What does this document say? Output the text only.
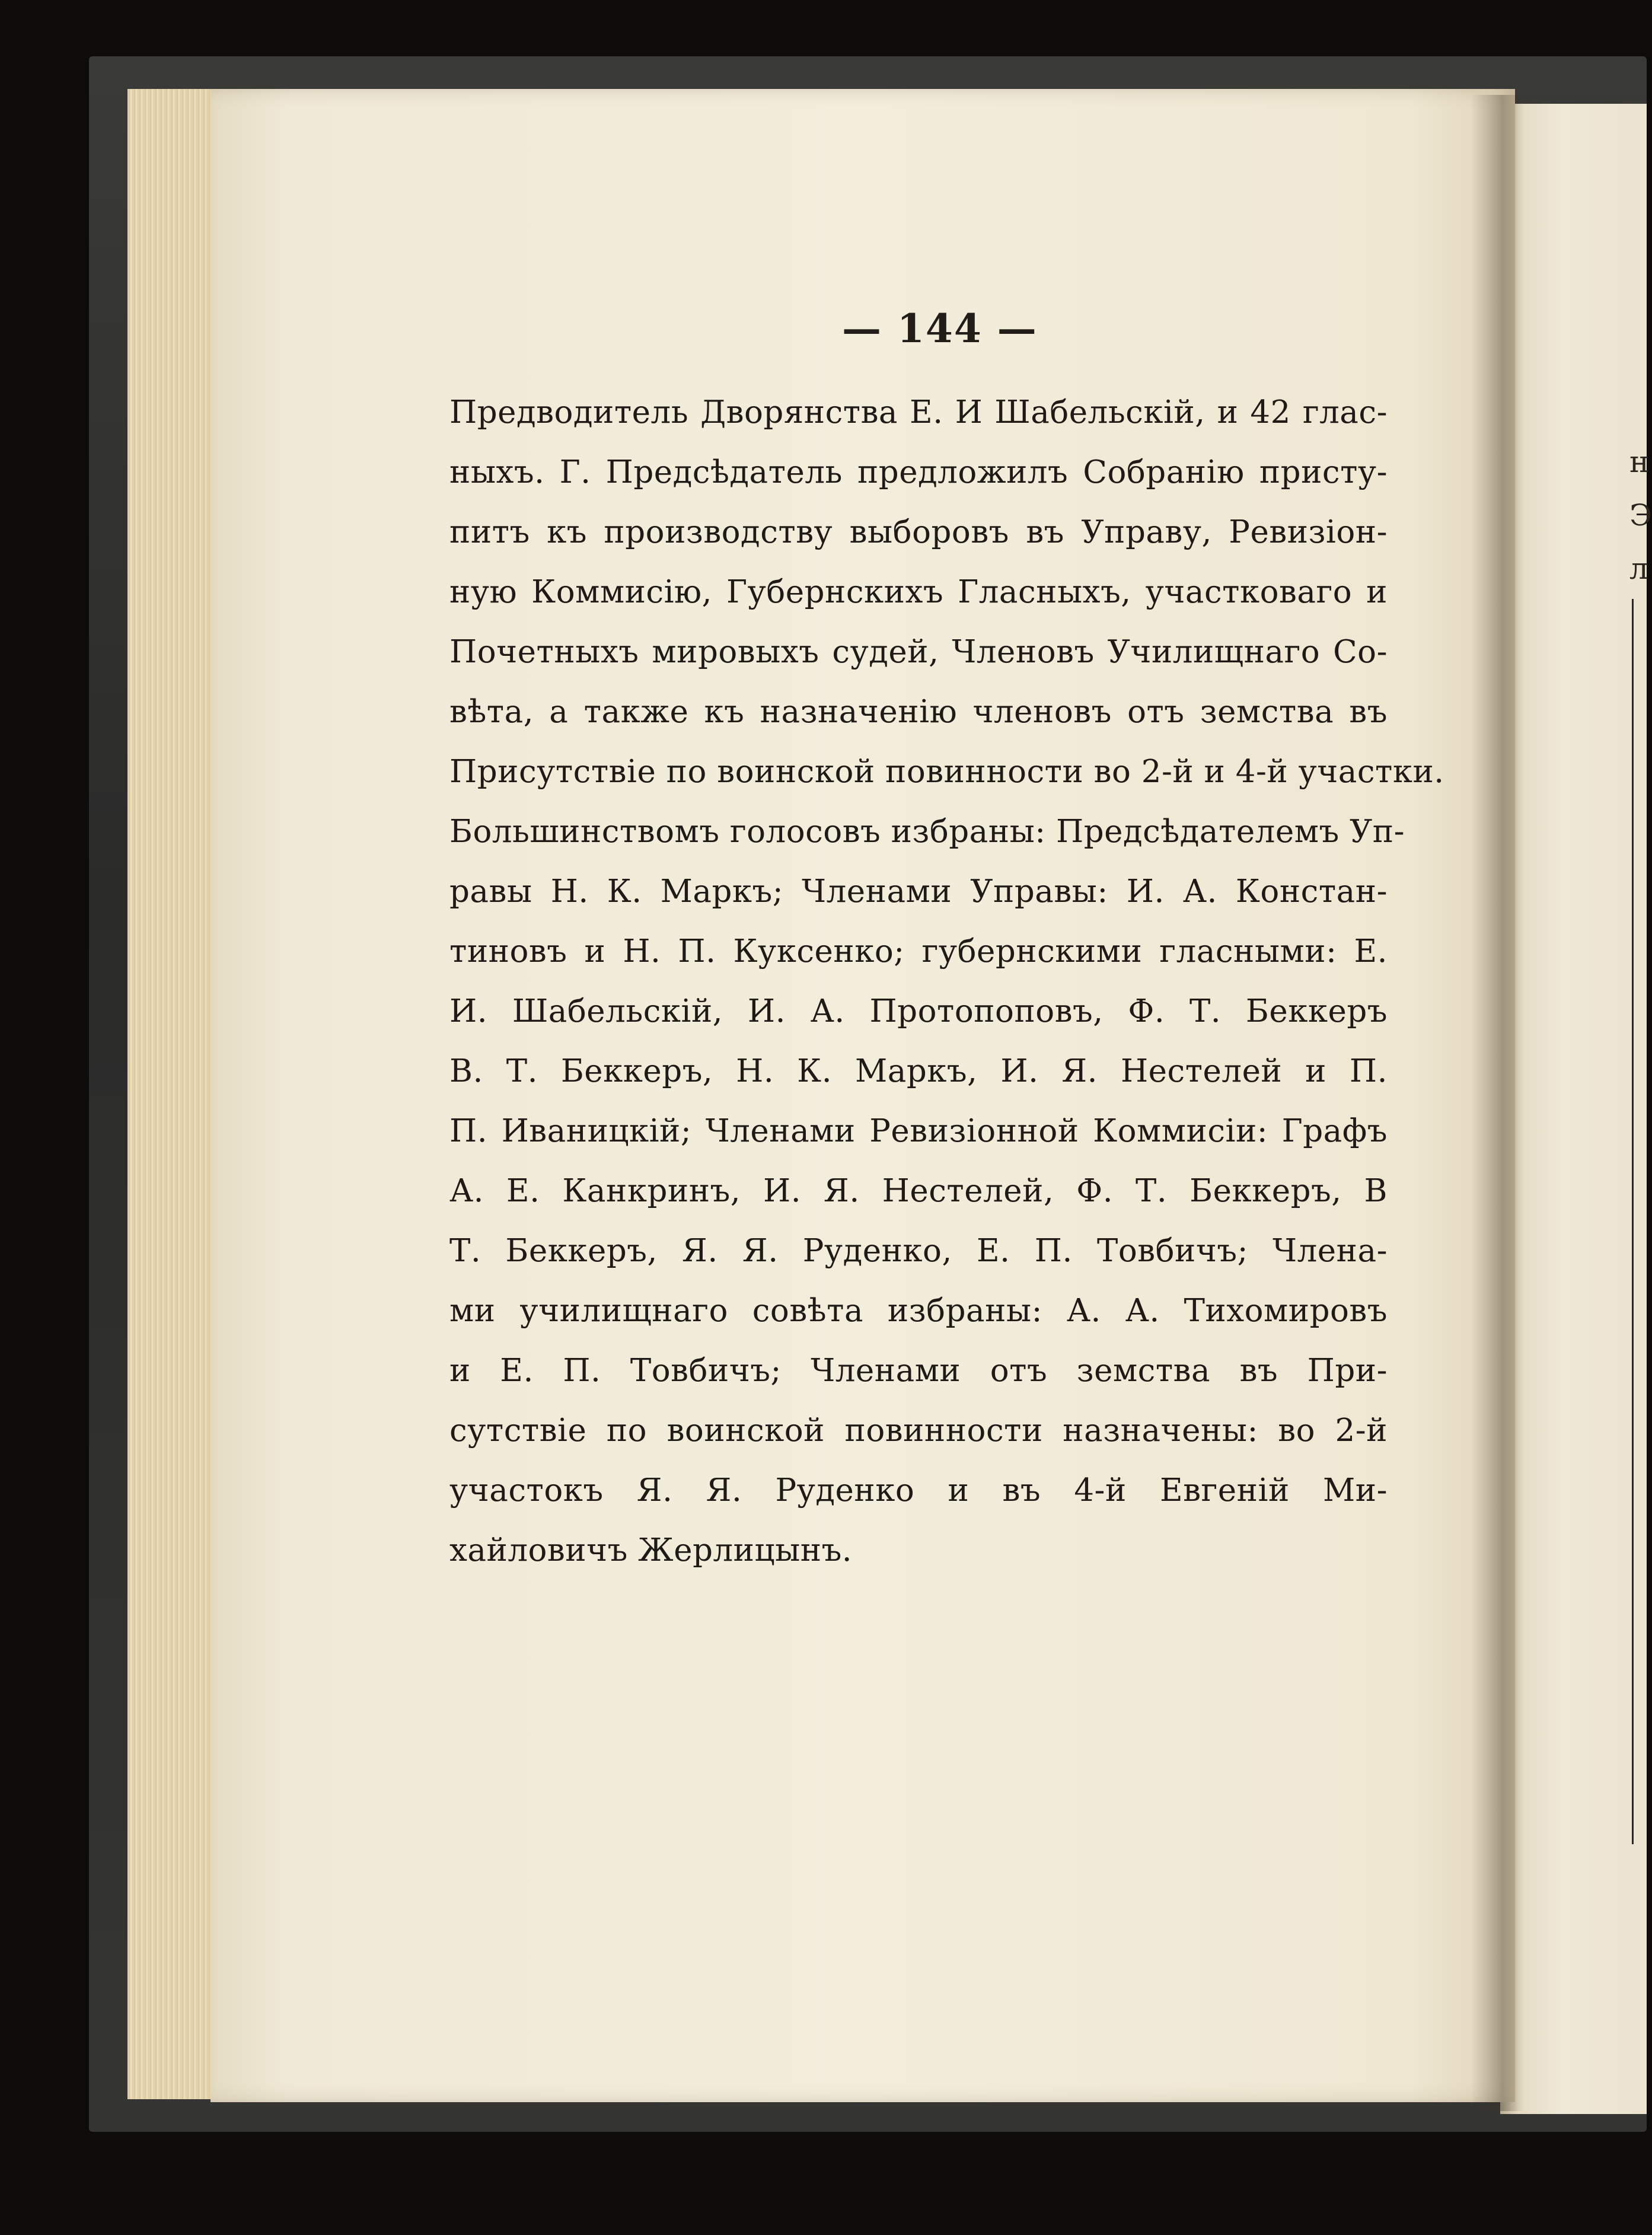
н
Э
л
— 144 —
Предводитель Дворянства Е. И Шабельскій, и 42 глас-
ныхъ. Г. Предсѣдатель предложилъ Собранію присту-
питъ къ производству выборовъ въ Управу, Ревизіон-
ную Коммисію, Губернскихъ Гласныхъ, участковаго и
Почетныхъ мировыхъ судей, Членовъ Училищнаго Со-
вѣта, а также къ назначенію членовъ отъ земства въ
Присутствіе по воинской повинности во 2-й и 4-й участки.
Большинствомъ голосовъ избраны: Предсѣдателемъ Уп-
равы Н. К. Маркъ; Членами Управы: И. А. Констан-
тиновъ и Н. П. Куксенко; губернскими гласными: Е.
И. Шабельскій, И. А. Протопоповъ, Ф. Т. Беккеръ
В. Т. Беккеръ, Н. К. Маркъ, И. Я. Нестелей и П.
П. Иваницкій; Членами Ревизіонной Коммисіи: Графъ
А. Е. Канкринъ, И. Я. Нестелей, Ф. Т. Беккеръ, В
Т. Беккеръ, Я. Я. Руденко, Е. П. Товбичъ; Члена-
ми училищнаго совѣта избраны: А. А. Тихомировъ
и Е. П. Товбичъ; Членами отъ земства въ При-
сутствіе по воинской повинности назначены: во 2-й
участокъ Я. Я. Руденко и въ 4-й Евгеній Ми-
хайловичъ Жерлицынъ.
